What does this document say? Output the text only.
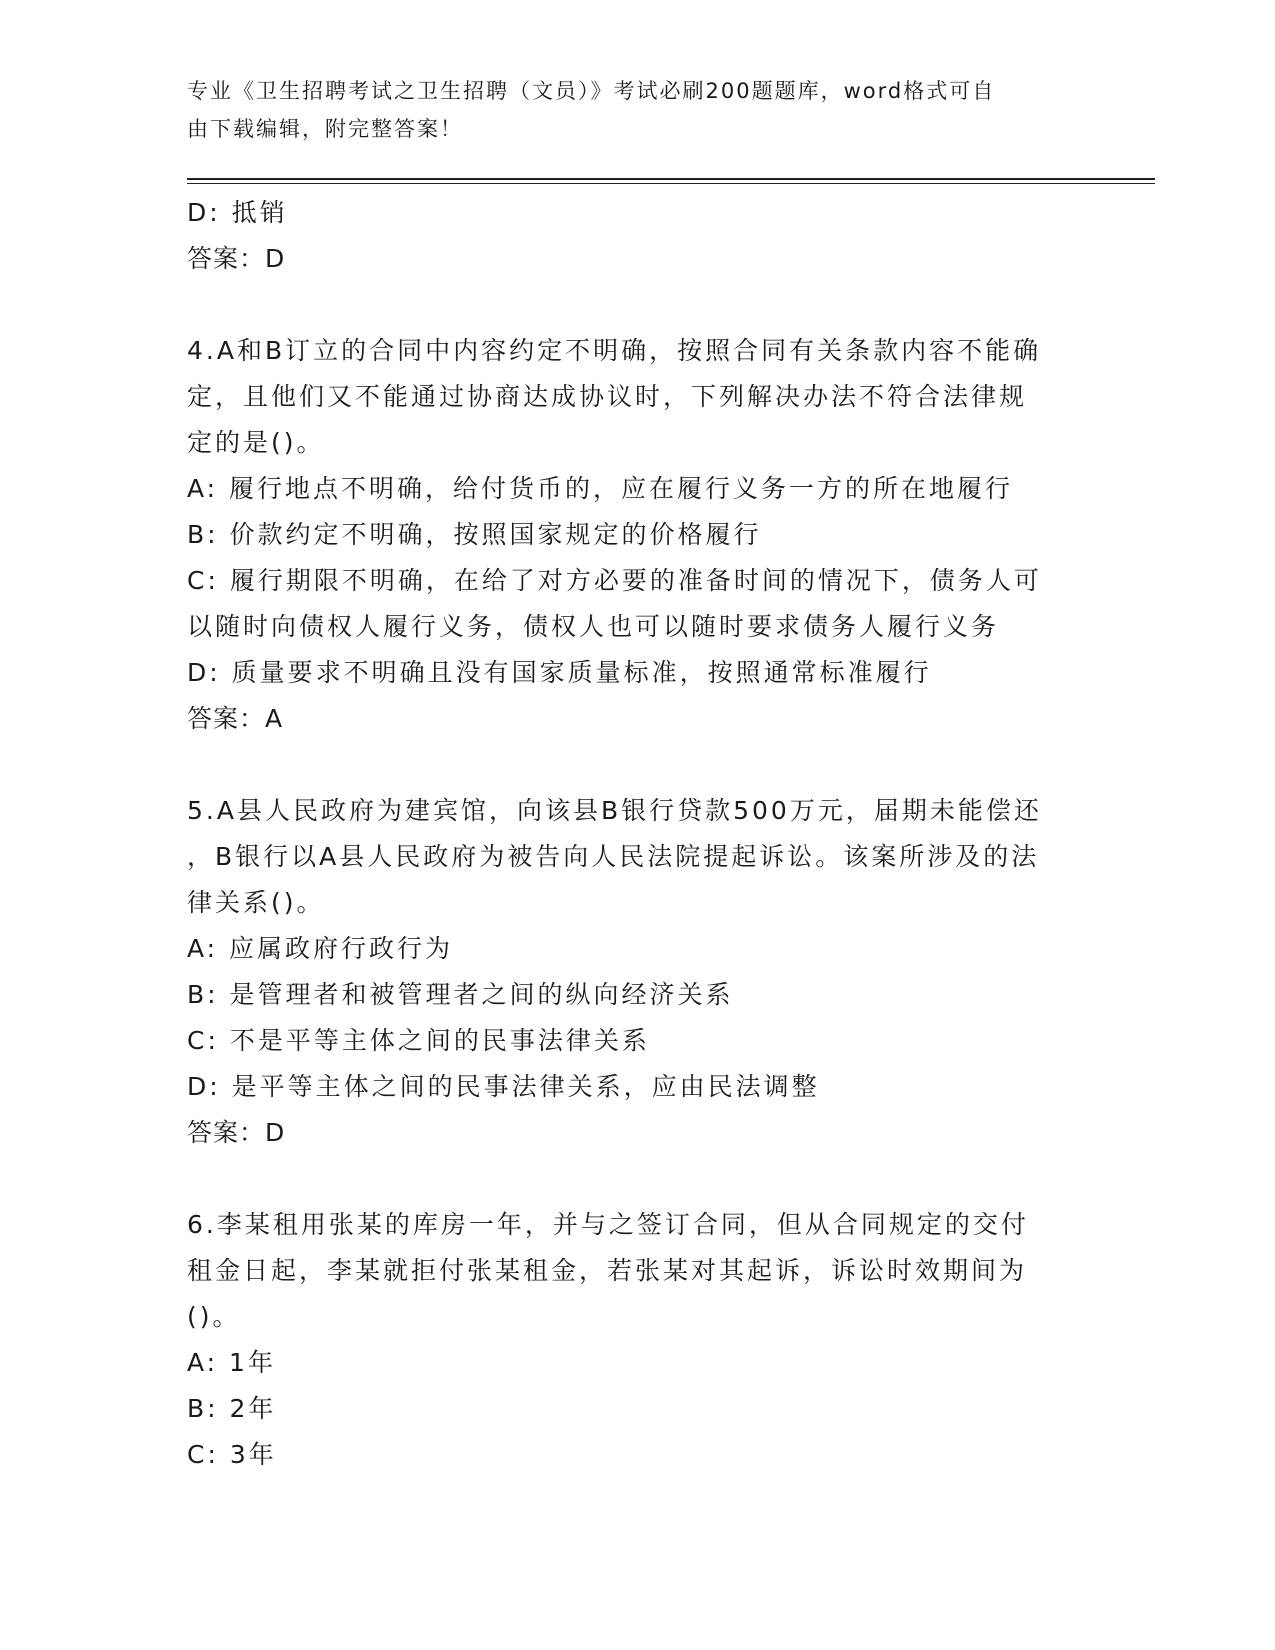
专业《卫生招聘考试之卫生招聘（文员）》考试必刷200题题库，word格式可自
由下载编辑，附完整答案！
D: 抵销
答案：D
4.A和B订立的合同中内容约定不明确，按照合同有关条款内容不能确
定，且他们又不能通过协商达成协议时，下列解决办法不符合法律规
定的是()。
A: 履行地点不明确，给付货币的，应在履行义务一方的所在地履行
B: 价款约定不明确，按照国家规定的价格履行
C: 履行期限不明确，在给了对方必要的准备时间的情况下，债务人可
以随时向债权人履行义务，债权人也可以随时要求债务人履行义务
D: 质量要求不明确且没有国家质量标准，按照通常标准履行
答案：A
5.A县人民政府为建宾馆，向该县B银行贷款500万元，届期未能偿还
，B银行以A县人民政府为被告向人民法院提起诉讼。该案所涉及的法
律关系()。
A: 应属政府行政行为
B: 是管理者和被管理者之间的纵向经济关系
C: 不是平等主体之间的民事法律关系
D: 是平等主体之间的民事法律关系，应由民法调整
答案：D
6.李某租用张某的库房一年，并与之签订合同，但从合同规定的交付
租金日起，李某就拒付张某租金，若张某对其起诉，诉讼时效期间为
()。
A: 1年
B: 2年
C: 3年
